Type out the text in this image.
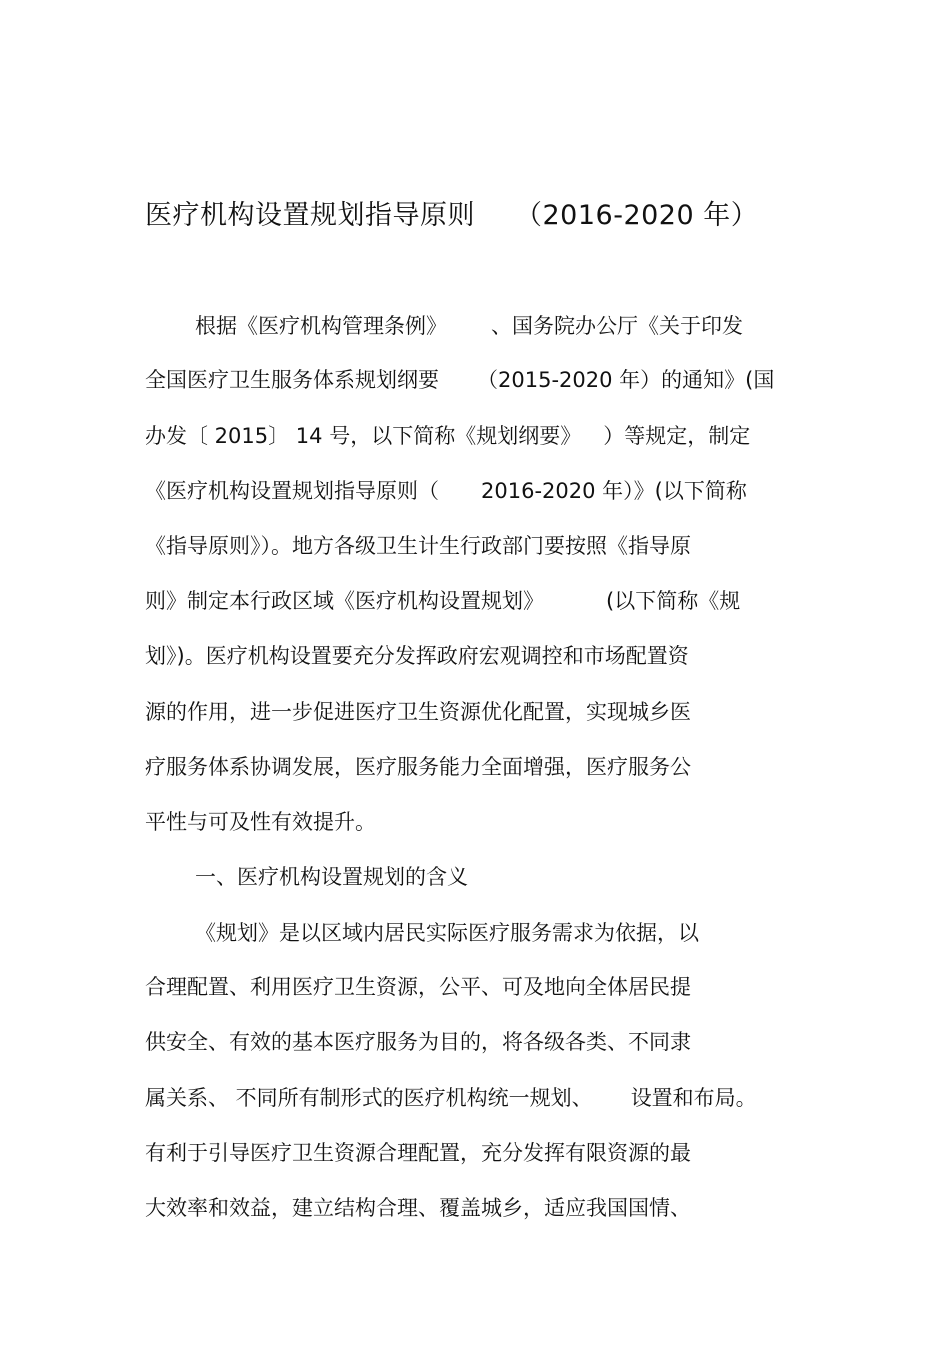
医疗机构设置规划指导原则 （2016-2020 年）
根据《医疗机构管理条例》 、国务院办公厅《关于印发
全国医疗卫生服务体系规划纲要 （2015-2020 年）的通知》(国
办发〔 2015〕 14 号，以下简称《规划纲要》 ）等规定，制定
《医疗机构设置规划指导原则（ 2016-2020 年）》(以下简称
《指导原则》）。地方各级卫生计生行政部门要按照《指导原
则》制定本行政区域《医疗机构设置规划》	(以下简称《规
划》)。医疗机构设置要充分发挥政府宏观调控和市场配置资
源的作用，进一步促进医疗卫生资源优化配置，实现城乡医
疗服务体系协调发展，医疗服务能力全面增强，医疗服务公
平性与可及性有效提升。
一、医疗机构设置规划的含义
《规划》是以区域内居民实际医疗服务需求为依据，以
合理配置、利用医疗卫生资源，公平、可及地向全体居民提
供安全、有效的基本医疗服务为目的，将各级各类、不同隶
属关系、 不同所有制形式的医疗机构统一规划、 设置和布局。
有利于引导医疗卫生资源合理配置，充分发挥有限资源的最
大效率和效益，建立结构合理、覆盖城乡，适应我国国情、
